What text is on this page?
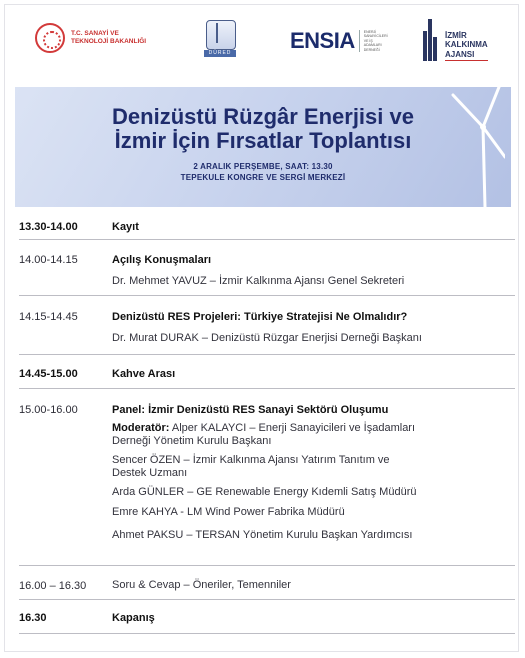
T.C. SANAYİ VE
TEKNOLOJİ BAKANLIĞI
DÜRED	ENSIA	ENERJİ SANAYİCİLERİ VE İŞ ADAMLARI DERNEĞİ
İZMİR
KALKINMA
AJANSI
Denizüstü Rüzgâr Enerjisi ve
İzmir İçin Fırsatlar Toplantısı
2 ARALIK PERŞEMBE, SAAT: 13.30
TEPEKULE KONGRE VE SERGİ MERKEZİ
13.30-14.00	Kayıt
14.00-14.15	Açılış Konuşmaları
Dr. Mehmet YAVUZ – İzmir Kalkınma Ajansı Genel Sekreteri
14.15-14.45	Denizüstü RES Projeleri: Türkiye Stratejisi Ne Olmalıdır?
Dr. Murat DURAK – Denizüstü Rüzgar Enerjisi Derneği Başkanı
14.45-15.00	Kahve Arası
15.00-16.00	Panel: İzmir Denizüstü RES Sanayi Sektörü Oluşumu
Moderatör: Alper KALAYCI – Enerji Sanayicileri ve İşadamları
Derneği Yönetim Kurulu Başkanı
Sencer ÖZEN – İzmir Kalkınma Ajansı Yatırım Tanıtım ve
Destek Uzmanı
Arda GÜNLER – GE Renewable Energy Kıdemli Satış Müdürü
Emre KAHYA - LM Wind Power Fabrika Müdürü
Ahmet PAKSU – TERSAN Yönetim Kurulu Başkan Yardımcısı
16.00 – 16.30 Soru & Cevap – Öneriler, Temenniler
16.30	Kapanış
